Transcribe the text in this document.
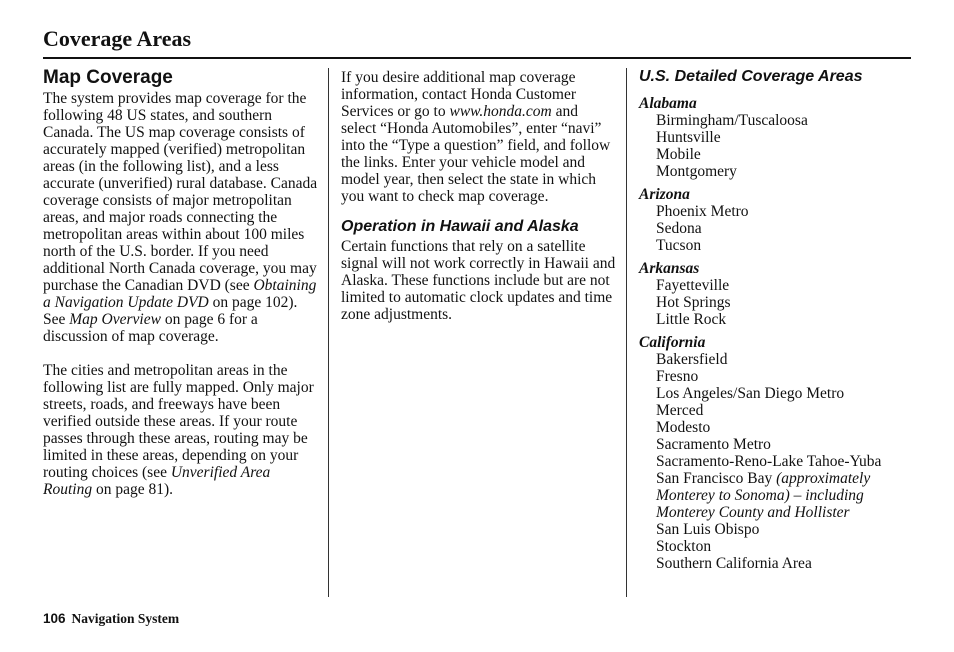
Coverage Areas
Map Coverage

The system provides map coverage for the following 48 US states, and southern Canada. The US map coverage consists of accurately mapped (verified) metropolitan areas (in the following list), and a less accurate (unverified) rural database. Canada coverage consists of major metropolitan areas, and major roads connecting the metropolitan areas within about 100 miles north of the U.S. border. If you need additional North Canada coverage, you may purchase the Canadian DVD (see Obtaining a Navigation Update DVD on page 102). See Map Overview on page 6 for a discussion of map coverage.

The cities and metropolitan areas in the following list are fully mapped. Only major streets, roads, and freeways have been verified outside these areas. If your route passes through these areas, routing may be limited in these areas, depending on your routing choices (see Unverified Area Routing on page 81).

If you desire additional map coverage information, contact Honda Customer Services or go to www.honda.com and select “Honda Automobiles”, enter “navi” into the “Type a question” field, and follow the links. Enter your vehicle model and model year, then select the state in which you want to check map coverage.

Operation in Hawaii and Alaska

Certain functions that rely on a satellite signal will not work correctly in Hawaii and Alaska. These functions include but are not limited to automatic clock updates and time zone adjustments.

U.S. Detailed Coverage Areas
Alabama
Birmingham/Tuscaloosa
Huntsville
Mobile
Montgomery
Arizona
Phoenix Metro
Sedona
Tucson
Arkansas
Fayetteville
Hot Springs
Little Rock
California
Bakersfield
Fresno
Los Angeles/San Diego Metro
Merced
Modesto
Sacramento Metro
Sacramento-Reno-Lake Tahoe-Yuba
San Francisco Bay (approximately Monterey to Sonoma) – including Monterey County and Hollister
San Luis Obispo
Stockton
Southern California Area
106 Navigation System
